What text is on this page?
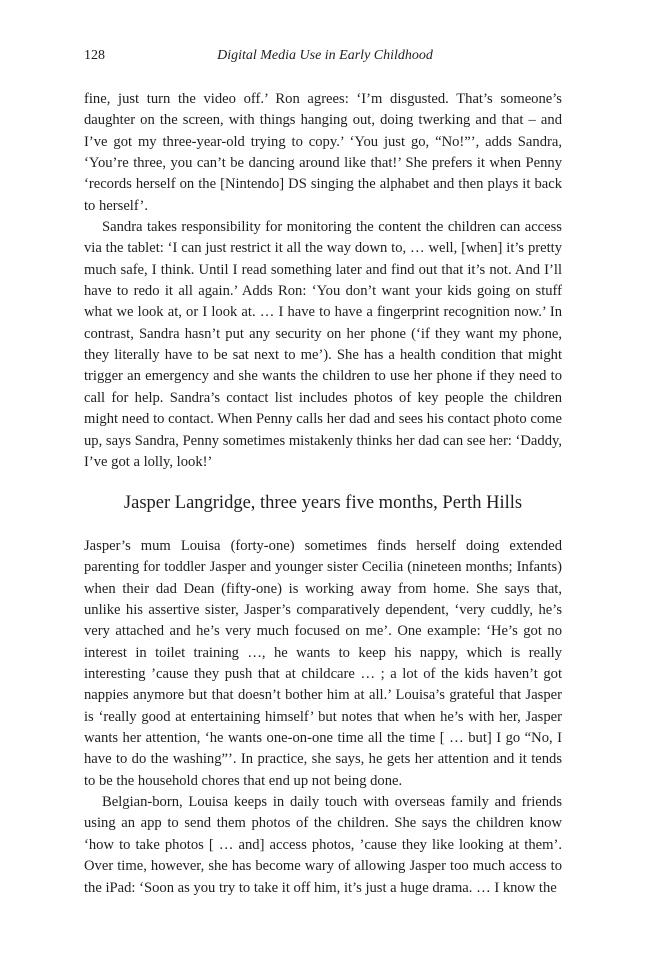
128	Digital Media Use in Early Childhood

fine, just turn the video off.’ Ron agrees: ‘I’m disgusted. That’s someone’s daughter on the screen, with things hanging out, doing twerking and that – and I’ve got my three-year-old trying to copy.’ ‘You just go, “No!”’, adds Sandra, ‘You’re three, you can’t be dancing around like that!’ She prefers it when Penny ‘records herself on the [Nintendo] DS singing the alphabet and then plays it back to herself’.

Sandra takes responsibility for monitoring the content the children can access via the tablet: ‘I can just restrict it all the way down to, … well, [when] it’s pretty much safe, I think. Until I read something later and find out that it’s not. And I’ll have to redo it all again.’ Adds Ron: ‘You don’t want your kids going on stuff what we look at, or I look at. … I have to have a fingerprint recognition now.’ In contrast, Sandra hasn’t put any security on her phone (‘if they want my phone, they literally have to be sat next to me’). She has a health condition that might trigger an emergency and she wants the children to use her phone if they need to call for help. Sandra’s contact list includes photos of key people the children might need to contact. When Penny calls her dad and sees his contact photo come up, says Sandra, Penny sometimes mistakenly thinks her dad can see her: ‘Daddy, I’ve got a lolly, look!’

Jasper Langridge, three years five months, Perth Hills

Jasper’s mum Louisa (forty-one) sometimes finds herself doing extended parenting for toddler Jasper and younger sister Cecilia (nineteen months; Infants) when their dad Dean (fifty-one) is working away from home. She says that, unlike his assertive sister, Jasper’s comparatively dependent, ‘very cuddly, he’s very attached and he’s very much focused on me’. One example: ‘He’s got no interest in toilet training …, he wants to keep his nappy, which is really interesting ’cause they push that at childcare … ; a lot of the kids haven’t got nappies anymore but that doesn’t bother him at all.’ Louisa’s grateful that Jasper is ‘really good at entertaining himself’ but notes that when he’s with her, Jasper wants her attention, ‘he wants one-on-one time all the time [ … but] I go “No, I have to do the washing”’. In practice, she says, he gets her attention and it tends to be the household chores that end up not being done.

Belgian-born, Louisa keeps in daily touch with overseas family and friends using an app to send them photos of the children. She says the children know ‘how to take photos [ … and] access photos, ’cause they like looking at them’. Over time, however, she has become wary of allowing Jasper too much access to the iPad: ‘Soon as you try to take it off him, it’s just a huge drama. … I know the
